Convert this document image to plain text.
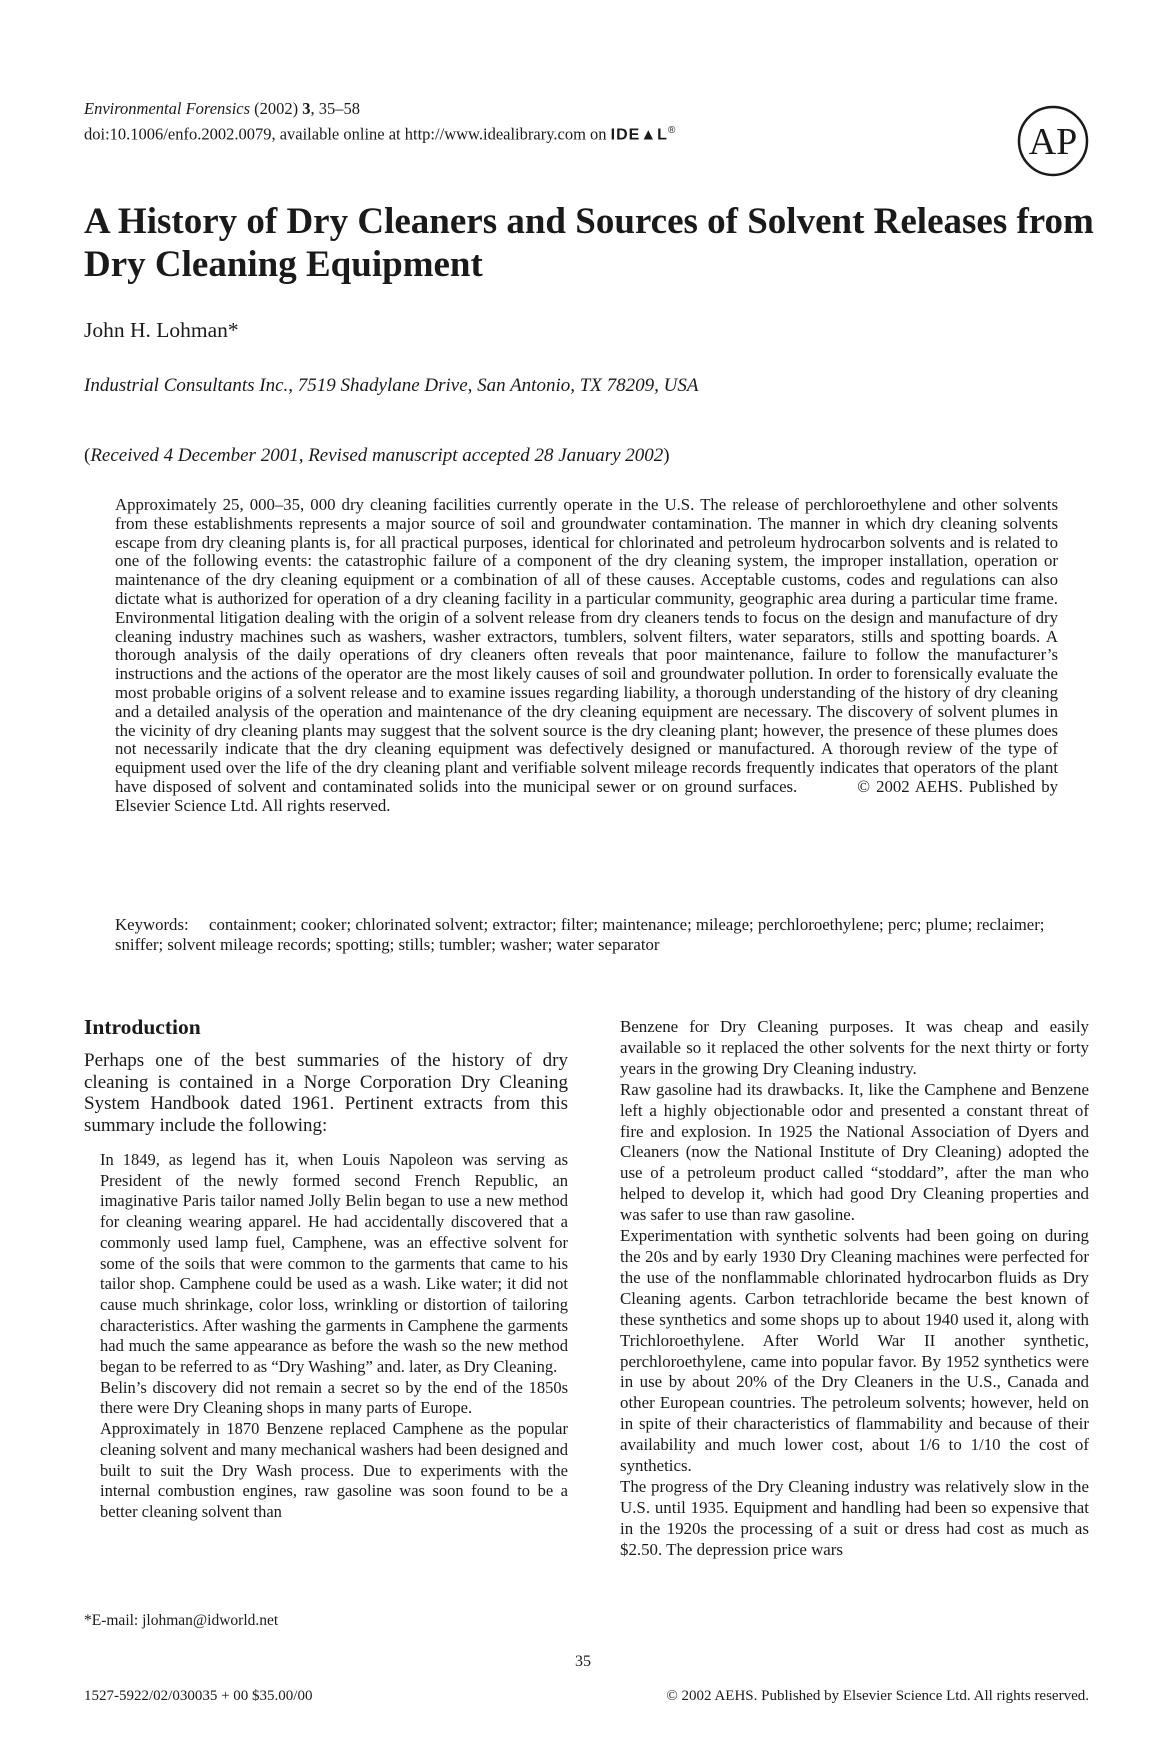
Environmental Forensics (2002) 3, 35–58
doi:10.1006/enfo.2002.0079, available online at http://www.idealibrary.com on IDE▲L®	AP
A History of Dry Cleaners and Sources of Solvent Releases from Dry Cleaning Equipment
John H. Lohman*
Industrial Consultants Inc., 7519 Shadylane Drive, San Antonio, TX 78209, USA
(Received 4 December 2001, Revised manuscript accepted 28 January 2002)
Approximately 25, 000–35, 000 dry cleaning facilities currently operate in the U.S. The release of perchloroethylene and other solvents from these establishments represents a major source of soil and groundwater contamination. The manner in which dry cleaning solvents escape from dry cleaning plants is, for all practical purposes, identical for chlorinated and petroleum hydrocarbon solvents and is related to one of the following events: the catastrophic failure of a component of the dry cleaning system, the improper installation, operation or maintenance of the dry cleaning equipment or a combination of all of these causes. Acceptable customs, codes and regulations can also dictate what is authorized for operation of a dry cleaning facility in a particular community, geographic area during a particular time frame. Environmental litigation dealing with the origin of a solvent release from dry cleaners tends to focus on the design and manufacture of dry cleaning industry machines such as washers, washer extractors, tumblers, solvent filters, water separators, stills and spotting boards. A thorough analysis of the daily operations of dry cleaners often reveals that poor maintenance, failure to follow the manufacturer’s instructions and the actions of the operator are the most likely causes of soil and groundwater pollution. In order to forensically evaluate the most probable origins of a solvent release and to examine issues regarding liability, a thorough understanding of the history of dry cleaning and a detailed analysis of the operation and maintenance of the dry cleaning equipment are necessary. The discovery of solvent plumes in the vicinity of dry cleaning plants may suggest that the solvent source is the dry cleaning plant; however, the presence of these plumes does not necessarily indicate that the dry cleaning equipment was defectively designed or manufactured. A thorough review of the type of equipment used over the life of the dry cleaning plant and verifiable solvent mileage records frequently indicates that operators of the plant have disposed of solvent and contaminated solids into the municipal sewer or on ground surfaces.	© 2002 AEHS. Published by Elsevier Science Ltd. All rights reserved.
Keywords: containment; cooker; chlorinated solvent; extractor; filter; maintenance; mileage; perchloroethylene; perc; plume; reclaimer; sniffer; solvent mileage records; spotting; stills; tumbler; washer; water separator
Introduction

Perhaps one of the best summaries of the history of dry cleaning is contained in a Norge Corporation Dry Cleaning System Handbook dated 1961. Pertinent extracts from this summary include the following:

In 1849, as legend has it, when Louis Napoleon was serving as President of the newly formed second French Republic, an imaginative Paris tailor named Jolly Belin began to use a new method for cleaning wearing apparel. He had accidentally discovered that a commonly used lamp fuel, Camphene, was an effective solvent for some of the soils that were common to the garments that came to his tailor shop. Camphene could be used as a wash. Like water; it did not cause much shrinkage, color loss, wrinkling or distortion of tailoring characteristics. After washing the garments in Camphene the garments had much the same appearance as before the wash so the new method began to be referred to as “Dry Washing” and. later, as Dry Cleaning.

Belin’s discovery did not remain a secret so by the end of the 1850s there were Dry Cleaning shops in many parts of Europe.

Approximately in 1870 Benzene replaced Camphene as the popular cleaning solvent and many mechanical washers had been designed and built to suit the Dry Wash process. Due to experiments with the internal combustion engines, raw gasoline was soon found to be a better cleaning solvent than

Benzene for Dry Cleaning purposes. It was cheap and easily available so it replaced the other solvents for the next thirty or forty years in the growing Dry Cleaning industry.

Raw gasoline had its drawbacks. It, like the Camphene and Benzene left a highly objectionable odor and presented a constant threat of fire and explosion. In 1925 the National Association of Dyers and Cleaners (now the National Institute of Dry Cleaning) adopted the use of a petroleum product called “stoddard”, after the man who helped to develop it, which had good Dry Cleaning properties and was safer to use than raw gasoline.

Experimentation with synthetic solvents had been going on during the 20s and by early 1930 Dry Cleaning machines were perfected for the use of the nonflammable chlorinated hydrocarbon fluids as Dry Cleaning agents. Carbon tetrachloride became the best known of these synthetics and some shops up to about 1940 used it, along with Trichloroethylene. After World War II another synthetic, perchloroethylene, came into popular favor. By 1952 synthetics were in use by about 20% of the Dry Cleaners in the U.S., Canada and other European countries. The petroleum solvents; however, held on in spite of their characteristics of flammability and because of their availability and much lower cost, about 1/6 to 1/10 the cost of synthetics.

The progress of the Dry Cleaning industry was relatively slow in the U.S. until 1935. Equipment and handling had been so expensive that in the 1920s the processing of a suit or dress had cost as much as $2.50. The depression price wars

*E-mail: jlohman@idworld.net
35
1527-5922/02/030035 + 00 $35.00/00	© 2002 AEHS. Published by Elsevier Science Ltd. All rights reserved.
